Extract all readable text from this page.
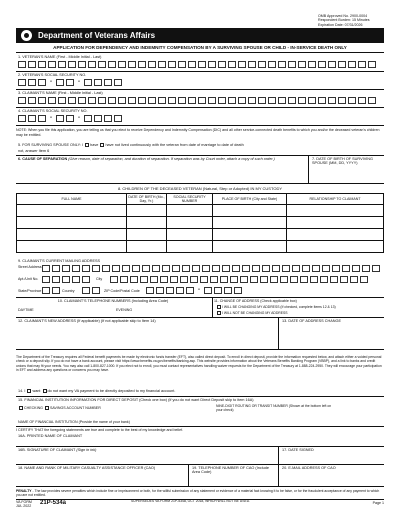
OMB Approved No. 2900-0004
Respondent Burden: 15 Minutes
Expiration Date: 07/31/2026
Department of Veterans Affairs
APPLICATION FOR DEPENDENCY AND INDEMNITY COMPENSATION BY A SURVIVING SPOUSE OR CHILD - IN-SERVICE DEATH ONLY
1. VETERAN'S NAME (First - Middle Initial - Last)
2. VETERAN'S SOCIAL SECURITY NO.
-	-
3. CLAIMANT'S NAME (First - Middle Initial - Last)
4. CLAIMANT'S SOCIAL SECURITY NO.
-	-
NOTE: When you file this application, you are telling us that you elect to receive Dependency and Indemnity Compensation (DIC) and all other service-connected death benefits to which you and/or the deceased veteran's children may be entitled.
5. FOR SURVIVING SPOUSE ONLY: I have have not lived continuously with the veteran from date of marriage to date of death
not, answer Item 6
6. CAUSE OF SEPARATION (Give reason, date of separation, and duration of separation. If separation was by Court order, attach a copy of such order.)	7. DATE OF BIRTH OF SURVIVING SPOUSE (MM, DD, YYYY)
8. CHILDREN OF THE DECEASED VETERAN (Natural, Step or Adopted) IN MY CUSTODY
FULL NAME	DATE OF BIRTH (Mo., Day, Yr.)	SOCIAL SECURITY NUMBER	PLACE OF BIRTH (City and State)	RELATIONSHIP TO CLAIMANT

9. CLAIMANT'S CURRENT MAILING ADDRESS
Street Address
Apt./Unit No.	City
State/Province	Country	ZIP Code/Postal Code	-
10. CLAIMANT'S TELEPHONE NUMBERS (Including Area Code)
DAYTIME	EVENING
11. CHANGE OF ADDRESS (Check applicable box)
I WILL BE CHANGING MY ADDRESS (If checked, complete Items 12 & 13)
I WILL NOT BE CHANGING MY ADDRESS
12. CLAIMANT'S NEW ADDRESS (If applicable) (If not applicable skip to Item 14)	13. DATE OF ADDRESS CHANGE
The Department of the Treasury requires all Federal benefit payments be made by electronic funds transfer (EFT), also called direct deposit. To enroll in direct deposit, provide the information requested below, and attach either a voided personal check or a deposit slip. If you do not have a bank account, please visit https://www.benefits.va.gov/benefits/banking.asp. This website provides information about the Veterans Benefits Banking Program (VBBP), and a link to banks and credit unions that may fit your needs. You may also call 1-800-827-1000. If you elect not to enroll, you must contact representatives handling waiver requests for the Department of the Treasury at 1-888-224-2950. They will encourage your participation in EFT and address any questions or concerns you may have.
14. I want do not want my VA payment to be directly deposited to my financial account.
15. FINANCIAL INSTITUTION INFORMATION FOR DIRECT DEPOSIT (Check one box) (If you do not want Direct Deposit skip to item 16A)
CHECKING SAVINGS ACCOUNT NUMBER	NINE-DIGIT ROUTING OR TRANSIT NUMBER (Shown at the bottom left on your check)
NAME OF FINANCIAL INSTITUTION (Provide the name of your bank)
I CERTIFY THAT the foregoing statements are true and complete to the best of my knowledge and belief.
16A. PRINTED NAME OF CLAIMANT
16B. SIGNATURE OF CLAIMANT (Sign in ink)	17. DATE SIGNED
18. NAME AND RANK OF MILITARY CASUALTY ASSISTANCE OFFICER (CAO)	19. TELEPHONE NUMBER OF CAO (Include Area Code)
20. E-MAIL ADDRESS OF CAO
PENALTY - The law provides severe penalties which include fine or imprisonment or both, for the willful submission of any statement or evidence of a material fact knowing it to be false, or for the fraudulent acceptance of any payment to which you are not entitled.
VA FORM
JUL 2022
21P-534a	SUPERSEDES VA FORM 21P-534a, OCT 2018, WHICH WILL NOT BE USED.	Page 1
